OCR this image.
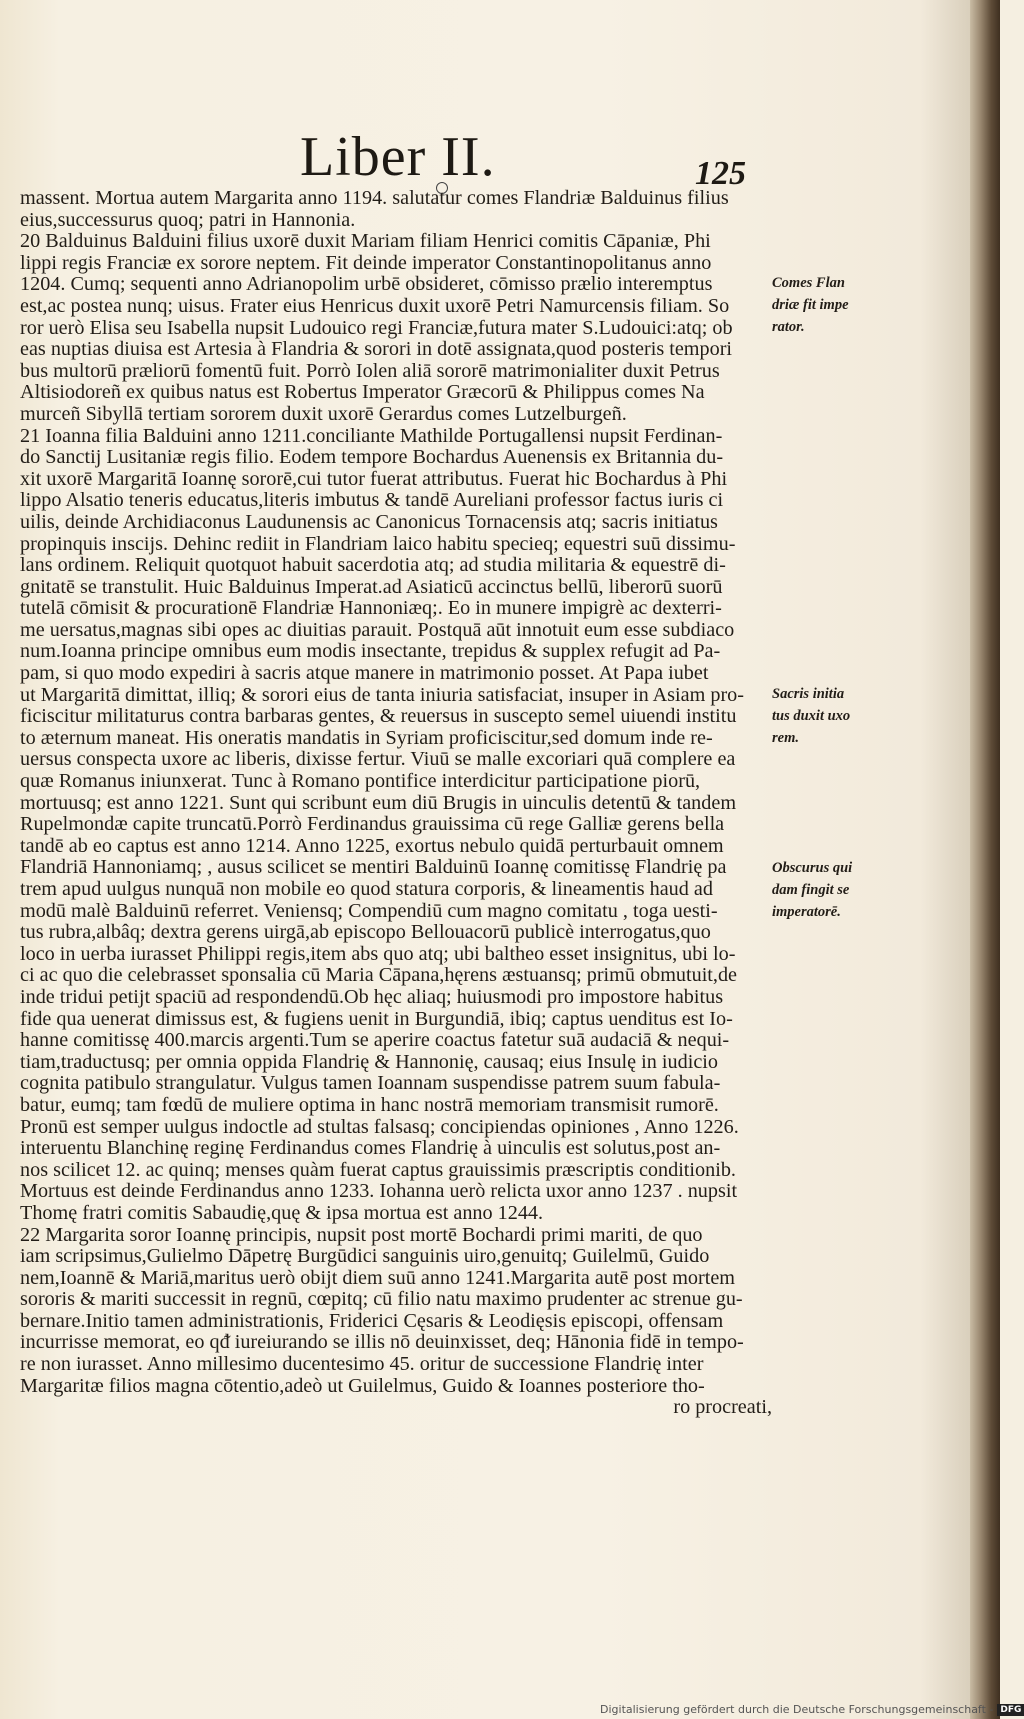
Liber II.	125
massent. Mortua autem Margarita anno 1194. salutatur comes Flandriæ Balduinus filius
eius,successurus quoq; patri in Hannonia.
20 Balduinus Balduini filius uxorē duxit Mariam filiam Henrici comitis Cāpaniæ, Phi
lippi regis Franciæ ex sorore neptem. Fit deinde imperator Constantinopolitanus anno
1204. Cumq; sequenti anno Adrianopolim urbē obsideret, cōmisso prælio interemptus
est,ac postea nunq; uisus. Frater eius Henricus duxit uxorē Petri Namurcensis filiam. So
ror uerò Elisa seu Isabella nupsit Ludouico regi Franciæ,futura mater S.Ludouici:atq; ob
eas nuptias diuisa est Artesia à Flandria & sorori in dotē assignata,quod posteris tempori
bus multorū præliorū fomentū fuit. Porrò Iolen aliā sororē matrimonialiter duxit Petrus
Altisiodoreñ ex quibus natus est Robertus Imperator Græcorū & Philippus comes Na
murceñ Sibyllā tertiam sororem duxit uxorē Gerardus comes Lutzelburgeñ.
21 Ioanna filia Balduini anno 1211.conciliante Mathilde Portugallensi nupsit Ferdinan-
do Sanctij Lusitaniæ regis filio. Eodem tempore Bochardus Auenensis ex Britannia du-
xit uxorē Margaritā Ioannę sororē,cui tutor fuerat attributus. Fuerat hic Bochardus à Phi
lippo Alsatio teneris educatus,literis imbutus & tandē Aureliani professor factus iuris ci
uilis, deinde Archidiaconus Laudunensis ac Canonicus Tornacensis atq; sacris initiatus
propinquis inscijs. Dehinc rediit in Flandriam laico habitu specieq; equestri suū dissimu-
lans ordinem. Reliquit quotquot habuit sacerdotia atq; ad studia militaria & equestrē di-
gnitatē se transtulit. Huic Balduinus Imperat.ad Asiaticū accinctus bellū, liberorū suorū
tutelā cōmisit & procurationē Flandriæ Hannoniæq;. Eo in munere impigrè ac dexterri-
me uersatus,magnas sibi opes ac diuitias parauit. Postquā aūt innotuit eum esse subdiaco
num.Ioanna principe omnibus eum modis insectante, trepidus & supplex refugit ad Pa-
pam, si quo modo expediri à sacris atque manere in matrimonio posset. At Papa iubet
ut Margaritā dimittat, illiq; & sorori eius de tanta iniuria satisfaciat, insuper in Asiam pro-
ficiscitur militaturus contra barbaras gentes, & reuersus in suscepto semel uiuendi institu
to æternum maneat. His oneratis mandatis in Syriam proficiscitur,sed domum inde re-
uersus conspecta uxore ac liberis, dixisse fertur. Viuū se malle excoriari quā complere ea
quæ Romanus iniunxerat. Tunc à Romano pontifice interdicitur participatione piorū,
mortuusq; est anno 1221. Sunt qui scribunt eum diū Brugis in uinculis detentū & tandem
Rupelmondæ capite truncatū.Porrò Ferdinandus grauissima cū rege Galliæ gerens bella
tandē ab eo captus est anno 1214. Anno 1225, exortus nebulo quidā perturbauit omnem
Flandriā Hannoniamq; , ausus scilicet se mentiri Balduinū Ioannę comitissę Flandrię pa
trem apud uulgus nunquā non mobile eo quod statura corporis, & lineamentis haud ad
modū malè Balduinū referret. Veniensq; Compendiū cum magno comitatu , toga uesti-
tus rubra,albâq; dextra gerens uirgā,ab episcopo Bellouacorū publicè interrogatus,quo
loco in uerba iurasset Philippi regis,item abs quo atq; ubi baltheo esset insignitus, ubi lo-
ci ac quo die celebrasset sponsalia cū Maria Cāpana,hęrens æstuansq; primū obmutuit,de
inde tridui petijt spaciū ad respondendū.Ob hęc aliaq; huiusmodi pro impostore habitus
fide qua uenerat dimissus est, & fugiens uenit in Burgundiā, ibiq; captus uenditus est Io-
hanne comitissę 400.marcis argenti.Tum se aperire coactus fatetur suā audaciā & nequi-
tiam,traductusq; per omnia oppida Flandrię & Hannonię, causaq; eius Insulę in iudicio
cognita patibulo strangulatur. Vulgus tamen Ioannam suspendisse patrem suum fabula-
batur, eumq; tam fœdū de muliere optima in hanc nostrā memoriam transmisit rumorē.
Pronū est semper uulgus indoctle ad stultas falsasq; concipiendas opiniones , Anno 1226.
interuentu Blanchinę reginę Ferdinandus comes Flandrię à uinculis est solutus,post an-
nos scilicet 12. ac quinq; menses quàm fuerat captus grauissimis præscriptis conditionib.
Mortuus est deinde Ferdinandus anno 1233. Iohanna uerò relicta uxor anno 1237 . nupsit
Thomę fratri comitis Sabaudię,quę & ipsa mortua est anno 1244.
22 Margarita soror Ioannę principis, nupsit post mortē Bochardi primi mariti, de quo
iam scripsimus,Gulielmo Dāpetrę Burgūdici sanguinis uiro,genuitq; Guilelmū, Guido
nem,Ioannē & Mariā,maritus uerò obijt diem suū anno 1241.Margarita autē post mortem
sororis & mariti successit in regnū, cœpitq; cū filio natu maximo prudenter ac strenue gu-
bernare.Initio tamen administrationis, Friderici Cęsaris & Leodięsis episcopi, offensam
incurrisse memorat, eo qᵭ iureiurando se illis nō deuinxisset, deq; Hānonia fidē in tempo-
re non iurasset. Anno millesimo ducentesimo 45. oritur de successione Flandrię inter
Margaritæ filios magna cōtentio,adeò ut Guilelmus, Guido & Ioannes posteriore tho-
ro procreati,
Comes Flan
driæ fit impe
rator.
Sacris initia
tus duxit uxo
rem.
Obscurus qui
dam fingit se
imperatorē.
Digitalisierung gefördert durch die Deutsche Forschungsgemeinschaft - DFG
